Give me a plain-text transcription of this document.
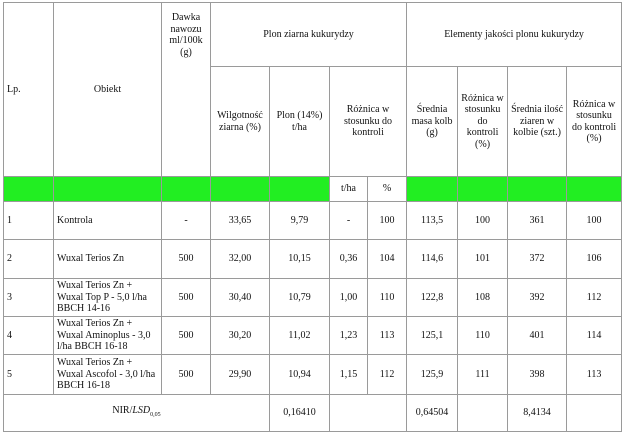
Lp.	Obiekt	Dawka nawozu ml/100k (g)	Plon ziarna kukurydzy				Elementy jakości plonu kukurydzy			
			Wilgotność ziarna (%)	Plon (14%) t/ha	Różnica w stosunku do kontroli		Średnia masa kolb (g)	Różnica w stosunku do kontroli (%)	Średnia ilość ziaren w kolbie (szt.)	Różnica w stosunku do kontroli (%)
					t/ha	%				
1	Kontrola	-	33,65	9,79	-	100	113,5	100	361	100
2	Wuxal Terios Zn	500	32,00	10,15	0,36	104	114,6	101	372	106
3	Wuxal Terios Zn + Wuxal Top P - 5,0 l/ha BBCH 14-16	500	30,40	10,79	1,00	110	122,8	108	392	112
4	Wuxal Terios Zn + Wuxal Aminoplus - 3,0 l/ha BBCH 16-18	500	30,20	11,02	1,23	113	125,1	110	401	114
5	Wuxal Terios Zn + Wuxal Ascofol - 3,0 l/ha BBCH 16-18	500	29,90	10,94	1,15	112	125,9	111	398	113
NIR/$LSD_{0,05}$				0,16410			0,64504		8,4134	
